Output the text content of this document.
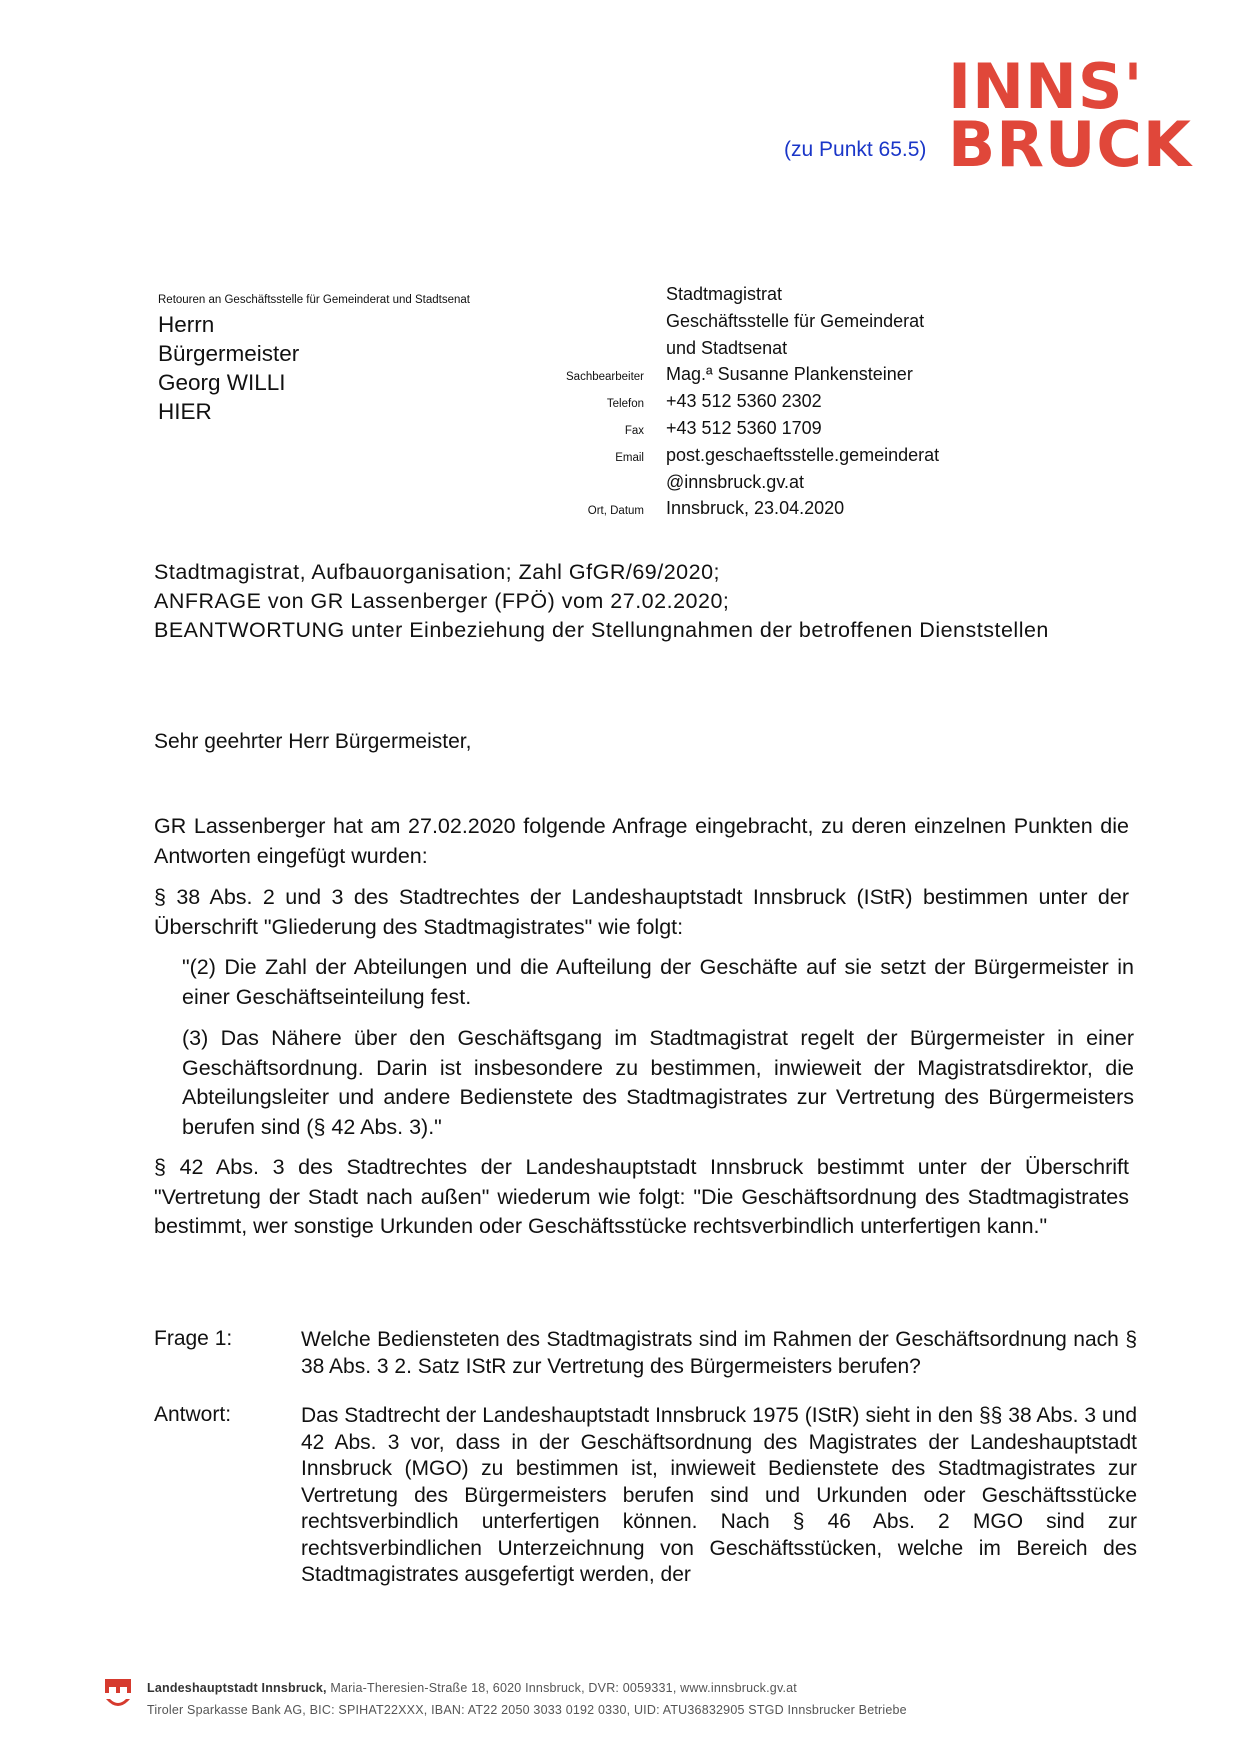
(zu Punkt 65.5)
INNS'
BRUCK
Retouren an Geschäftsstelle für Gemeinderat und Stadtsenat
Herrn
Bürgermeister
Georg WILLI
HIER
Stadtmagistrat
Geschäftsstelle für Gemeinderat
und Stadtsenat
Sachbearbeiter	Mag.ª Susanne Plankensteiner
Telefon	+43 512 5360 2302
Fax	+43 512 5360 1709
Email	post.geschaeftsstelle.gemeinderat
@innsbruck.gv.at
Ort, Datum	Innsbruck, 23.04.2020
Stadtmagistrat, Aufbauorganisation; Zahl GfGR/69/2020;
ANFRAGE von GR Lassenberger (FPÖ) vom 27.02.2020;
BEANTWORTUNG unter Einbeziehung der Stellungnahmen der betroffenen Dienststellen
Sehr geehrter Herr Bürgermeister,
GR Lassenberger hat am 27.02.2020 folgende Anfrage eingebracht, zu deren einzelnen Punkten die Antworten eingefügt wurden:
§ 38 Abs. 2 und 3 des Stadtrechtes der Landeshauptstadt Innsbruck (IStR) bestimmen unter der Überschrift "Gliederung des Stadtmagistrates" wie folgt:
"(2) Die Zahl der Abteilungen und die Aufteilung der Geschäfte auf sie setzt der Bürgermeister in einer Geschäftseinteilung fest.
(3) Das Nähere über den Geschäftsgang im Stadtmagistrat regelt der Bürgermeister in einer Geschäftsordnung. Darin ist insbesondere zu bestimmen, inwieweit der Magistratsdirektor, die Abteilungsleiter und andere Bedienstete des Stadtmagistrates zur Vertretung des Bürgermeisters berufen sind (§ 42 Abs. 3)."
§ 42 Abs. 3 des Stadtrechtes der Landeshauptstadt Innsbruck bestimmt unter der Überschrift "Vertretung der Stadt nach außen" wiederum wie folgt: "Die Geschäftsordnung des Stadtmagistrates bestimmt, wer sonstige Urkunden oder Geschäftsstücke rechtsverbindlich unterfertigen kann."
Frage 1:	Welche Bediensteten des Stadtmagistrats sind im Rahmen der Geschäftsordnung nach § 38 Abs. 3 2. Satz IStR zur Vertretung des Bürgermeisters berufen?
Antwort:	Das Stadtrecht der Landeshauptstadt Innsbruck 1975 (IStR) sieht in den §§ 38 Abs. 3 und 42 Abs. 3 vor, dass in der Geschäftsordnung des Magistrates der Landeshauptstadt Innsbruck (MGO) zu bestimmen ist, inwieweit Bedienstete des Stadtmagistrates zur Vertretung des Bürgermeisters berufen sind und Urkunden oder Geschäftsstücke rechtsverbindlich unterfertigen können. Nach § 46 Abs. 2 MGO sind zur rechtsverbindlichen Unterzeichnung von Geschäftsstücken, welche im Bereich des Stadtmagistrates ausgefertigt werden, der
Landeshauptstadt Innsbruck, Maria-Theresien-Straße 18, 6020 Innsbruck, DVR: 0059331, www.innsbruck.gv.at
Tiroler Sparkasse Bank AG, BIC: SPIHAT22XXX, IBAN: AT22 2050 3033 0192 0330, UID: ATU36832905 STGD Innsbrucker Betriebe
